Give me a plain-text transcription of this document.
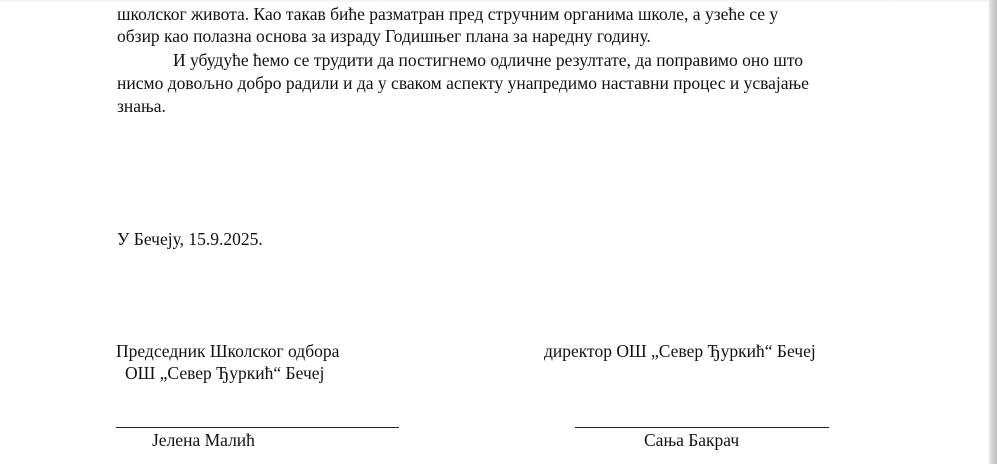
школског живота. Као такав биће разматран пред стручним органима школе, а узеће се у
обзир као полазна основа за израду Годишњег плана за наредну годину.
И убудуће ћемо се трудити да постигнемо одличне резултате, да поправимо оно што
нисмо довољно добро радили и да у сваком аспекту унапредимо наставни процес и усвајање
знања.
У Бечеју, 15.9.2025.
Председник Школског одбора
ОШ „Север Ђуркић“ Бечеј
директор ОШ „Север Ђуркић“ Бечеј
Јелена Малић	Сања Бакрач
